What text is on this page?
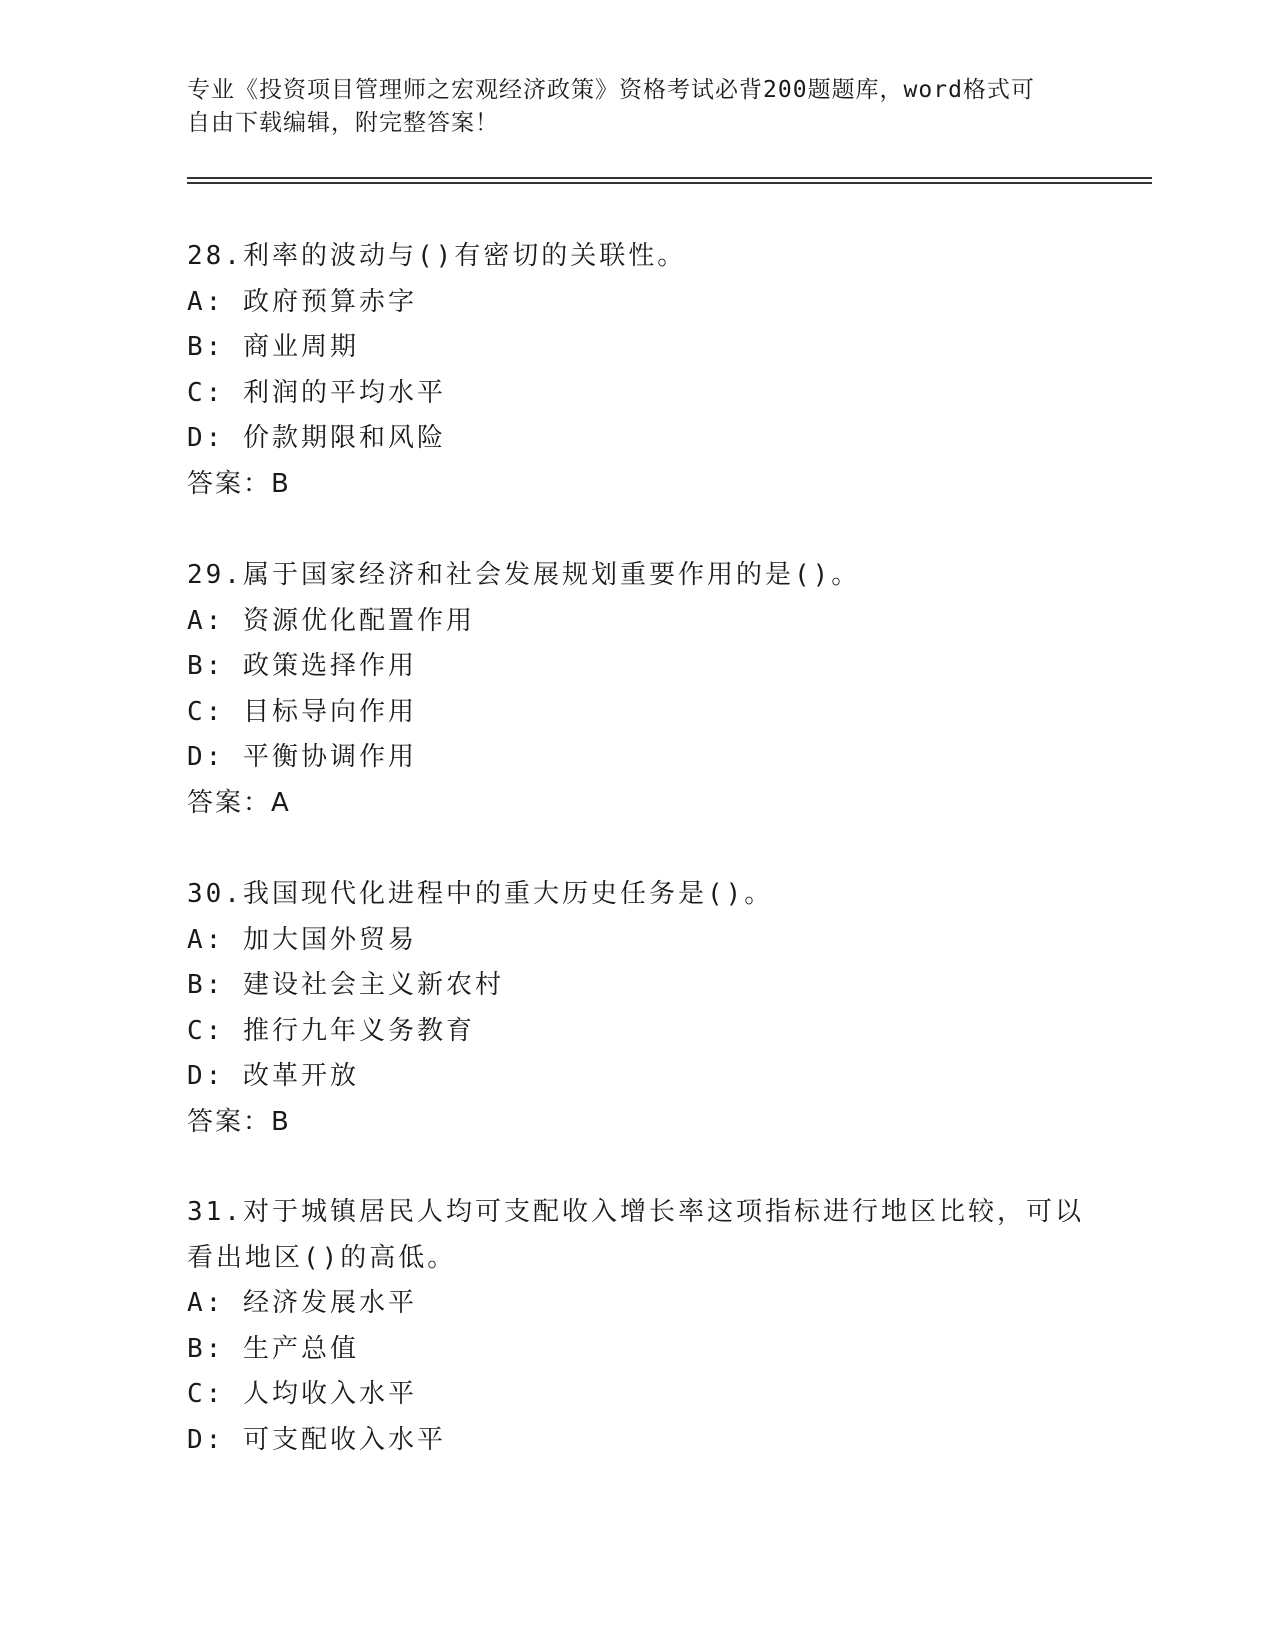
专业《投资项目管理师之宏观经济政策》资格考试必背200题题库，word格式可
自由下载编辑，附完整答案！
28.利率的波动与()有密切的关联性。
A: 政府预算赤字
B: 商业周期
C: 利润的平均水平
D: 价款期限和风险
答案：B
29.属于国家经济和社会发展规划重要作用的是()。
A: 资源优化配置作用
B: 政策选择作用
C: 目标导向作用
D: 平衡协调作用
答案：A
30.我国现代化进程中的重大历史任务是()。
A: 加大国外贸易
B: 建设社会主义新农村
C: 推行九年义务教育
D: 改革开放
答案：B
31.对于城镇居民人均可支配收入增长率这项指标进行地区比较，可以
看出地区()的高低。
A: 经济发展水平
B: 生产总值
C: 人均收入水平
D: 可支配收入水平
